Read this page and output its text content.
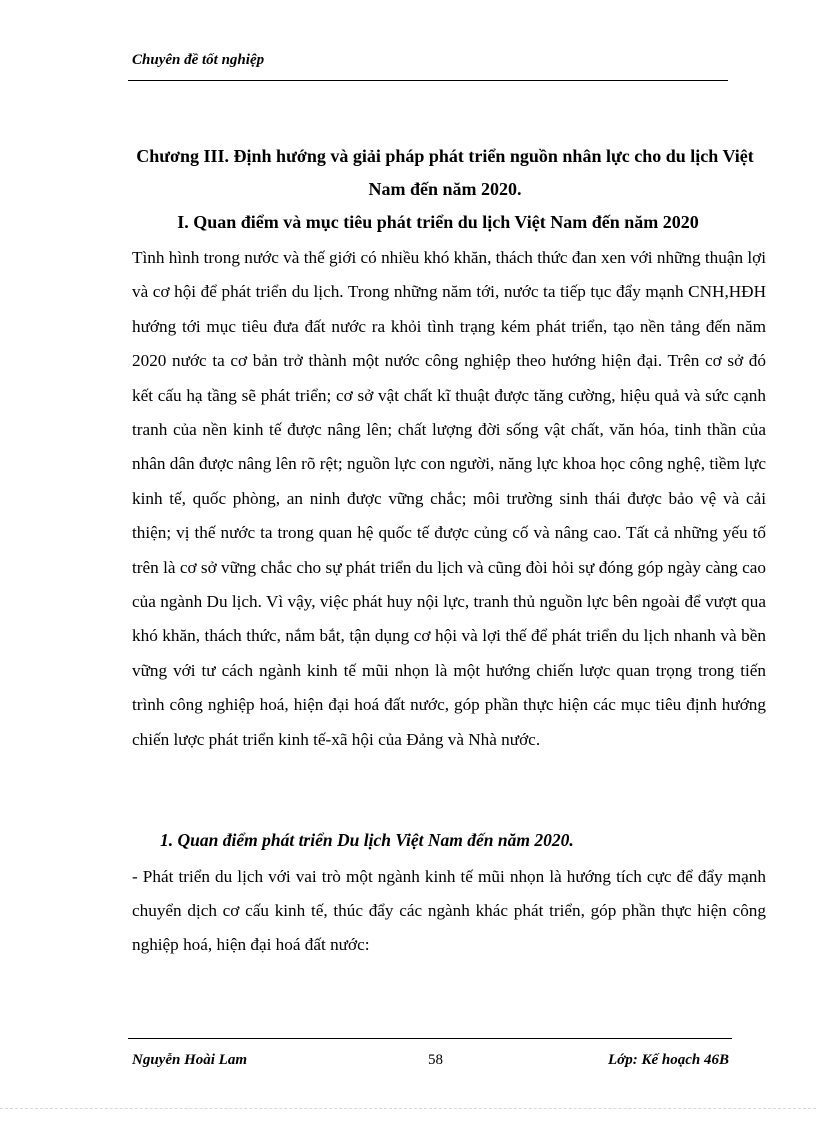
Chuyên đề tốt nghiệp
Chương III. Định hướng và giải pháp phát triển nguồn nhân lực cho du lịch Việt Nam đến năm 2020.
I. Quan điểm và mục tiêu phát triển du lịch Việt Nam đến năm 2020

Tình hình trong nước và thế giới có nhiều khó khăn, thách thức đan xen với những thuận lợi và cơ hội để phát triển du lịch. Trong những năm tới, nước ta tiếp tục đẩy mạnh CNH,HĐH hướng tới mục tiêu đưa đất nước ra khỏi tình trạng kém phát triển, tạo nền tảng đến năm 2020 nước ta cơ bản trở thành một nước công nghiệp theo hướng hiện đại. Trên cơ sở đó kết cấu hạ tầng sẽ phát triển; cơ sở vật chất kĩ thuật được tăng cường, hiệu quả và sức cạnh tranh của nền kinh tế được nâng lên; chất lượng đời sống vật chất, văn hóa, tinh thần của nhân dân được nâng lên rõ rệt; nguồn lực con người, năng lực khoa học công nghệ, tiềm lực kinh tế, quốc phòng, an ninh được vững chắc; môi trường sinh thái được bảo vệ và cải thiện; vị thế nước ta trong quan hệ quốc tế được củng cố và nâng cao. Tất cả những yếu tố trên là cơ sở vững chắc cho sự phát triển du lịch và cũng đòi hỏi sự đóng góp ngày càng cao của ngành Du lịch. Vì vậy, việc phát huy nội lực, tranh thủ nguồn lực bên ngoài để vượt qua khó khăn, thách thức, nắm bắt, tận dụng cơ hội và lợi thế để phát triển du lịch nhanh và bền vững với tư cách ngành kinh tế mũi nhọn là một hướng chiến lược quan trọng trong tiến trình công nghiệp hoá, hiện đại hoá đất nước, góp phần thực hiện các mục tiêu định hướng chiến lược phát triển kinh tế-xã hội của Đảng và Nhà nước.

1. Quan điểm phát triển Du lịch Việt Nam đến năm 2020.

- Phát triển du lịch với vai trò một ngành kinh tế mũi nhọn là hướng tích cực để đẩy mạnh chuyển dịch cơ cấu kinh tế, thúc đẩy các ngành khác phát triển, góp phần thực hiện công nghiệp hoá, hiện đại hoá đất nước:

Nguyễn Hoài Lam	58	Lớp: Kế hoạch 46B
